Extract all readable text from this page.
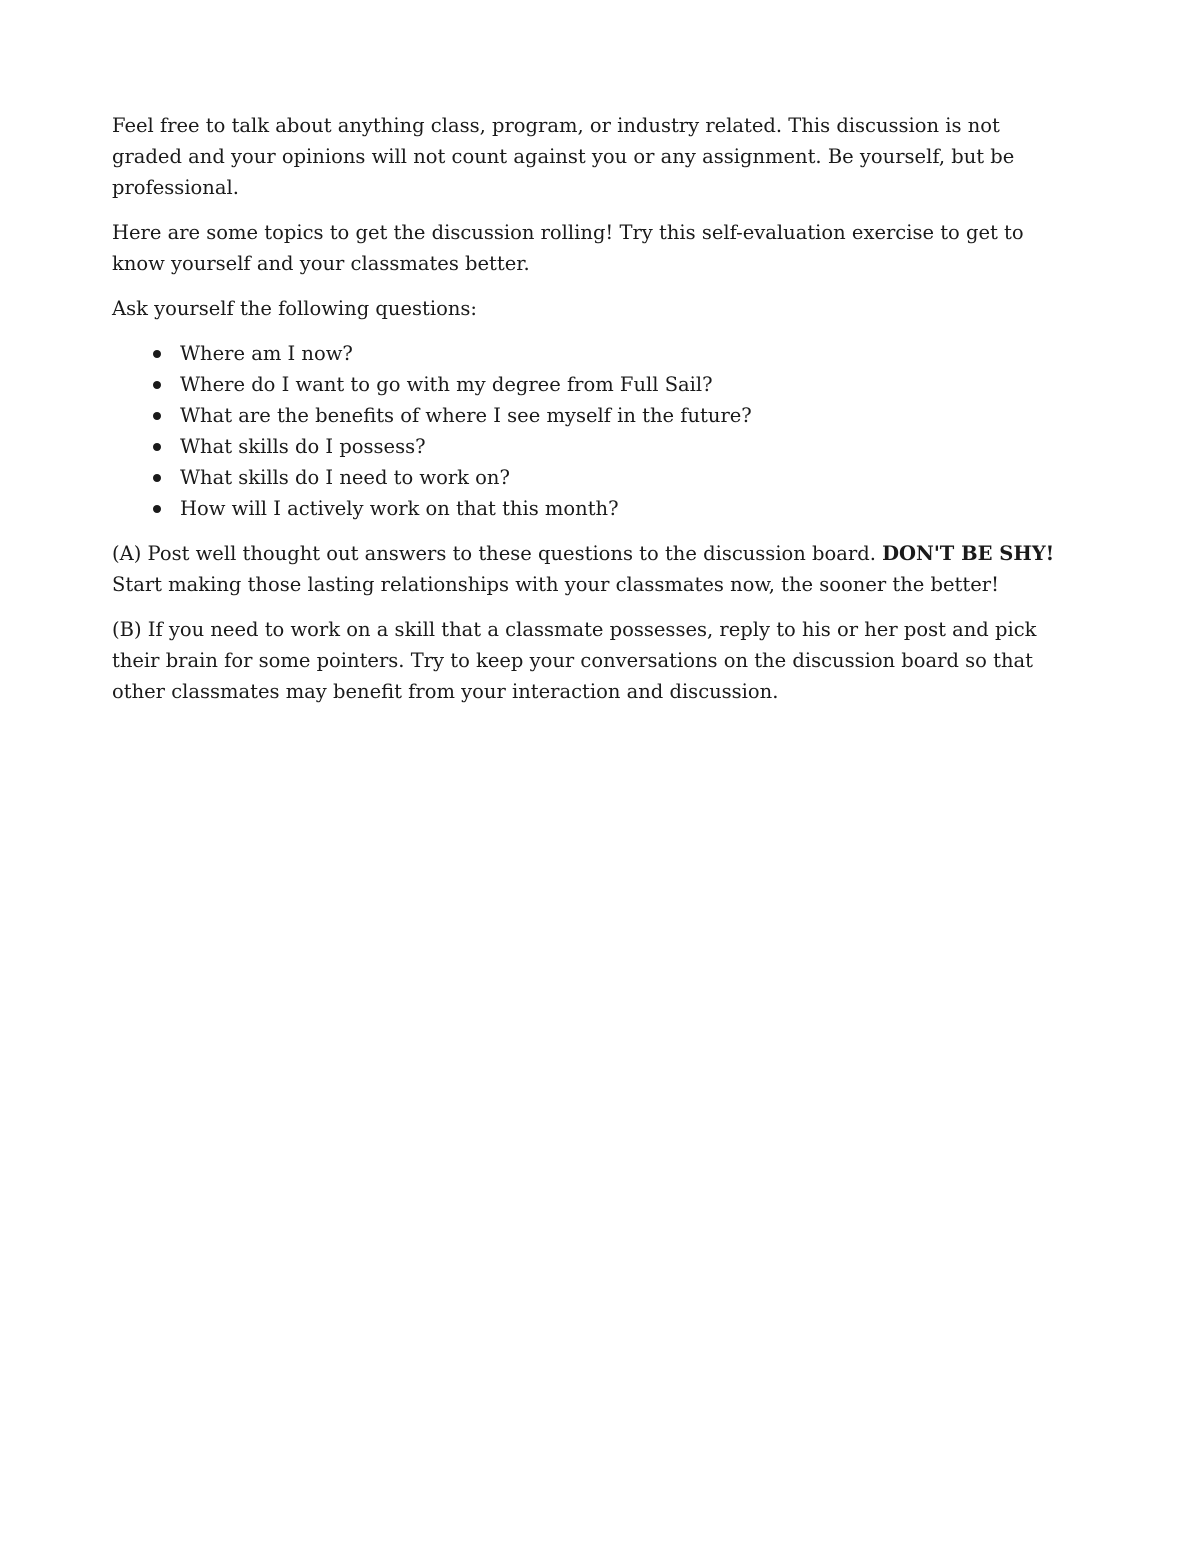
Feel free to talk about anything class, program, or industry related. This discussion is not graded and your opinions will not count against you or any assignment. Be yourself, but be professional.

Here are some topics to get the discussion rolling! Try this self-evaluation exercise to get to know yourself and your classmates better.

Ask yourself the following questions:

Where am I now?
Where do I want to go with my degree from Full Sail?
What are the benefits of where I see myself in the future?
What skills do I possess?
What skills do I need to work on?
How will I actively work on that this month?

(A) Post well thought out answers to these questions to the discussion board. DON'T BE SHY! Start making those lasting relationships with your classmates now, the sooner the better!

(B) If you need to work on a skill that a classmate possesses, reply to his or her post and pick their brain for some pointers. Try to keep your conversations on the discussion board so that other classmates may benefit from your interaction and discussion.
